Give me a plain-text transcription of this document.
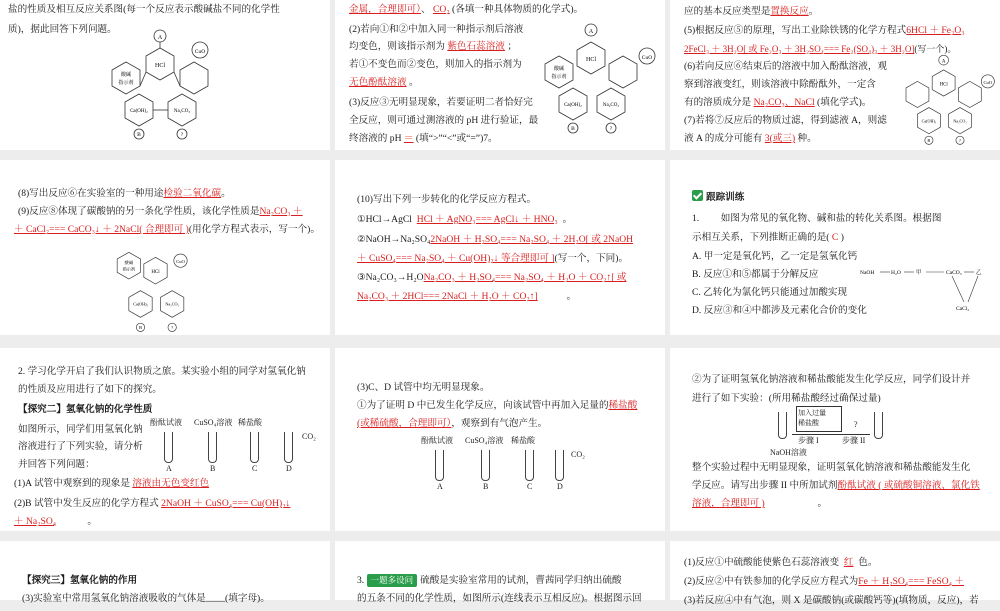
盐的性质及相互反应关系图(每一个反应表示酸碱盐不同的化学性
质)，据此回答下列问题。
A
HCl
CuO
酸碱
指示剂
Ca(OH)₂	Na₂CO₃
B	?
金属，合理即可）、 CO₂ (各填一种具体物质的化学式)。
(2)若向①和②中加入同一种指示剂后溶液
均变色，则该指示剂为 紫色石蕊溶液 ；
若①不变色而②变色，则加入的指示剂为
无色酚酞溶液 。
(3)反应③无明显现象，若要证明二者恰好完
全反应，则可通过测溶液的 pH 进行验证，最
终溶液的 pH ＝ (填“>”“<”或“=”)7。
A
HCl	CuO
酸碱
指示剂
Ca(OH)₂	Na₂CO₃
B	?
应的基本反应类型是置换反应。
(5)根据反应⑤的原理，写出工业除铁锈的化学方程式6HCl ＋ Fe₂O₃
2FeCl₃ ＋ 3H₂O[ 或 Fe₂O₃ ＋ 3H₂SO₄=== Fe₂(SO₄)₃ ＋ 3H₂O](写一个)。
(6)若向反应⑥结束后的溶液中加入酚酞溶液，观
察到溶液变红，则该溶液中除酚酞外，一定含
有的溶质成分是 Na₂CO₃、NaCl (填化学式)。
(7)若将⑦反应后的物质过滤，得到滤液 A，则滤
液 A 的成分可能有 3(或三) 种。
A
HCl
CuO
Ca(OH)₂	Na₂CO₃
B	?
(8)写出反应⑥在实验室的一种用途检验二氧化碳。
(9)反应⑧体现了碳酸钠的另一条化学性质，该化学性质是Na₂CO₃ ＋
＋ CaCl₂=== CaCO₃↓ ＋ 2NaCl( 合理即可 )(用化学方程式表示，写一个)。
HCl
CuO
酸碱
指示剂
Ca(OH)₂	Na₂CO₃
B	?
(10)写出下列一步转化的化学反应方程式。
①HCl→AgCl HCl ＋ AgNO₃=== AgCl↓ ＋ HNO₃ 。
②NaOH→Na₂SO₄2NaOH ＋ H₂SO₄=== Na₂SO₄ ＋ 2H₂O[ 或 2NaOH
＋ CuSO₄=== Na₂SO₄ ＋ Cu(OH)₂↓ 等合理即可 ](写一个，下同)。
③Na₂CO₃→H₂ONa₂CO₃ ＋ H₂SO₄=== Na₂SO₄ ＋ H₂O ＋ CO₂↑[ 或
Na₂CO₃ ＋ 2HCl=== 2NaCl ＋ H₂O ＋ CO₂↑]	。
跟踪训练
1. 如图为常见的氧化物、碱和盐的转化关系图。根据图
示相互关系，下列推断正确的是( C )
A. 甲一定是氧化钙，乙一定是氢氧化钙
B. 反应①和⑤都属于分解反应
C. 乙转化为氯化钙只能通过加酸实现
D. 反应③和④中都涉及元素化合价的变化
NaOH	H₂O	甲	CaCO₃	乙
CaCl₂
2. 学习化学开启了我们认识物质之旅。某实验小组的同学对氢氧化钠
的性质及应用进行了如下的探究。
【探究二】氢氧化钠的化学性质
如图所示，同学们用氢氧化钠
溶液进行了下列实验，请分析
并回答下列问题：
(1)A 试管中观察到的现象是 溶液由无色变红色
(2)B 试管中发生反应的化学方程式 2NaOH ＋ CuSO₄=== Cu(OH)₂↓
＋ Na₂SO₄	。
酚酞试液 CuSO₄溶液 稀盐酸
CO₂
A	B	C	D
(3)C、D 试管中均无明显现象。
①为了证明 D 中已发生化学反应，向该试管中再加入足量的稀盐酸
(或稀硫酸，合理即可），观察到有气泡产生。
酚酞试液 CuSO₄溶液 稀盐酸
CO₂
A	B	C	D
②为了证明氢氧化钠溶液和稀盐酸能发生化学反应，同学们设计并
进行了如下实验：(所用稀盐酸经过确保过量)
加入过量
稀盐酸	?
步骤 I	步骤 II
NaOH溶液
整个实验过程中无明显现象，证明氢氧化钠溶液和稀盐酸能发生化
学反应。请写出步骤 II 中所加试剂酚酞试液 ( 或硫酸铜溶液、氯化铁
溶液，合理即可 )	。
【探究三】氢氧化钠的作用
(3)实验室中常用氢氧化钠溶液吸收的气体是____(填字母)。
3. 一题多设问 硫酸是实验室常用的试剂，曹茜同学归纳出硫酸
的五条不同的化学性质，如图所示(连线表示互相反应)。根据图示回
(1)反应①中硫酸能使紫色石蕊溶液变 红 色。
(2)反应②中有铁参加的化学反应方程式为Fe ＋ H₂SO₄=== FeSO₄ ＋
(3)若反应④中有气泡，则 X 是碳酸钠(或碳酸钙等)(填物质，反应)，若
